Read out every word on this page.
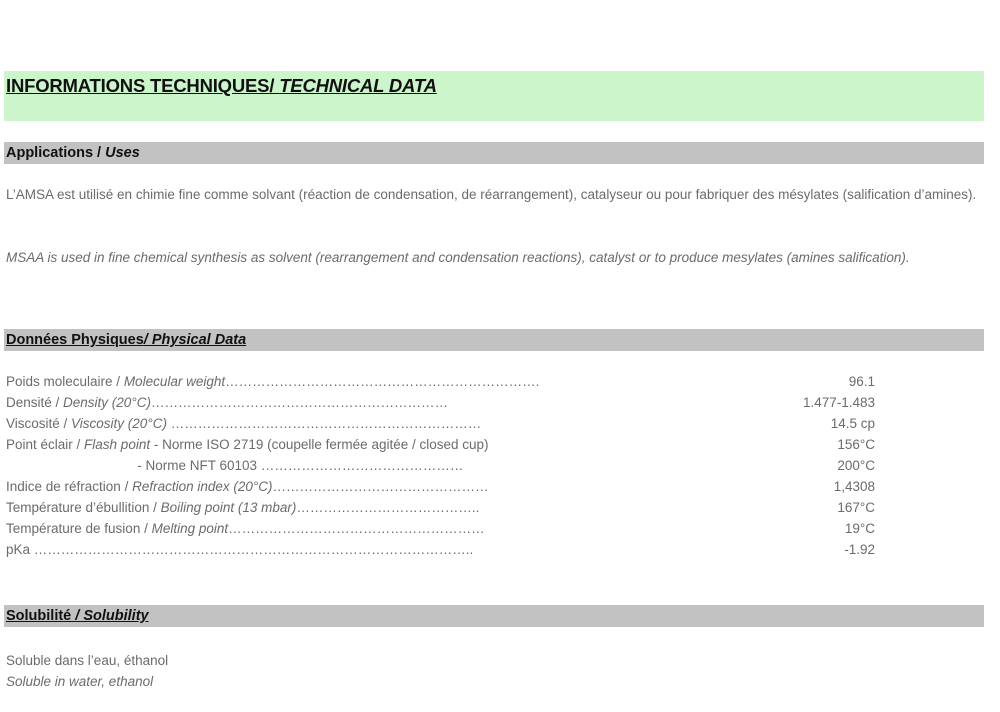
INFORMATIONS TECHNIQUES/ TECHNICAL DATA
Applications / Uses
L’AMSA est utilisé en chimie fine comme solvant (réaction de condensation, de réarrangement), catalyseur ou pour fabriquer des mésylates (salification d’amines).
MSAA is used in fine chemical synthesis as solvent (rearrangement and condensation reactions), catalyst or to produce mesylates (amines salification).
Données Physiques/ Physical Data
Poids moleculaire / Molecular weight…………………………………………………………….	96.1
Densité / Density (20°C)…………………………………………………………	1.477-1.483
Viscosité / Viscosity (20°C) ……………………………………………………………	14.5 cp
Point éclair / Flash point - Norme ISO 2719 (coupelle fermée agitée / closed cup)	156°C
- Norme NFT 60103 ………………………………………	200°C
Indice de réfraction / Refraction index (20°C)…………………………………………	1,4308
Température d’ébullition / Boiling point (13 mbar)…………………………………..	167°C
Température de fusion / Melting point…………………………………………………	19°C
pKa ……………………………………………………………………………………..	-1.92
Solubilité / Solubility
Soluble dans l’eau, éthanol
Soluble in water, ethanol
